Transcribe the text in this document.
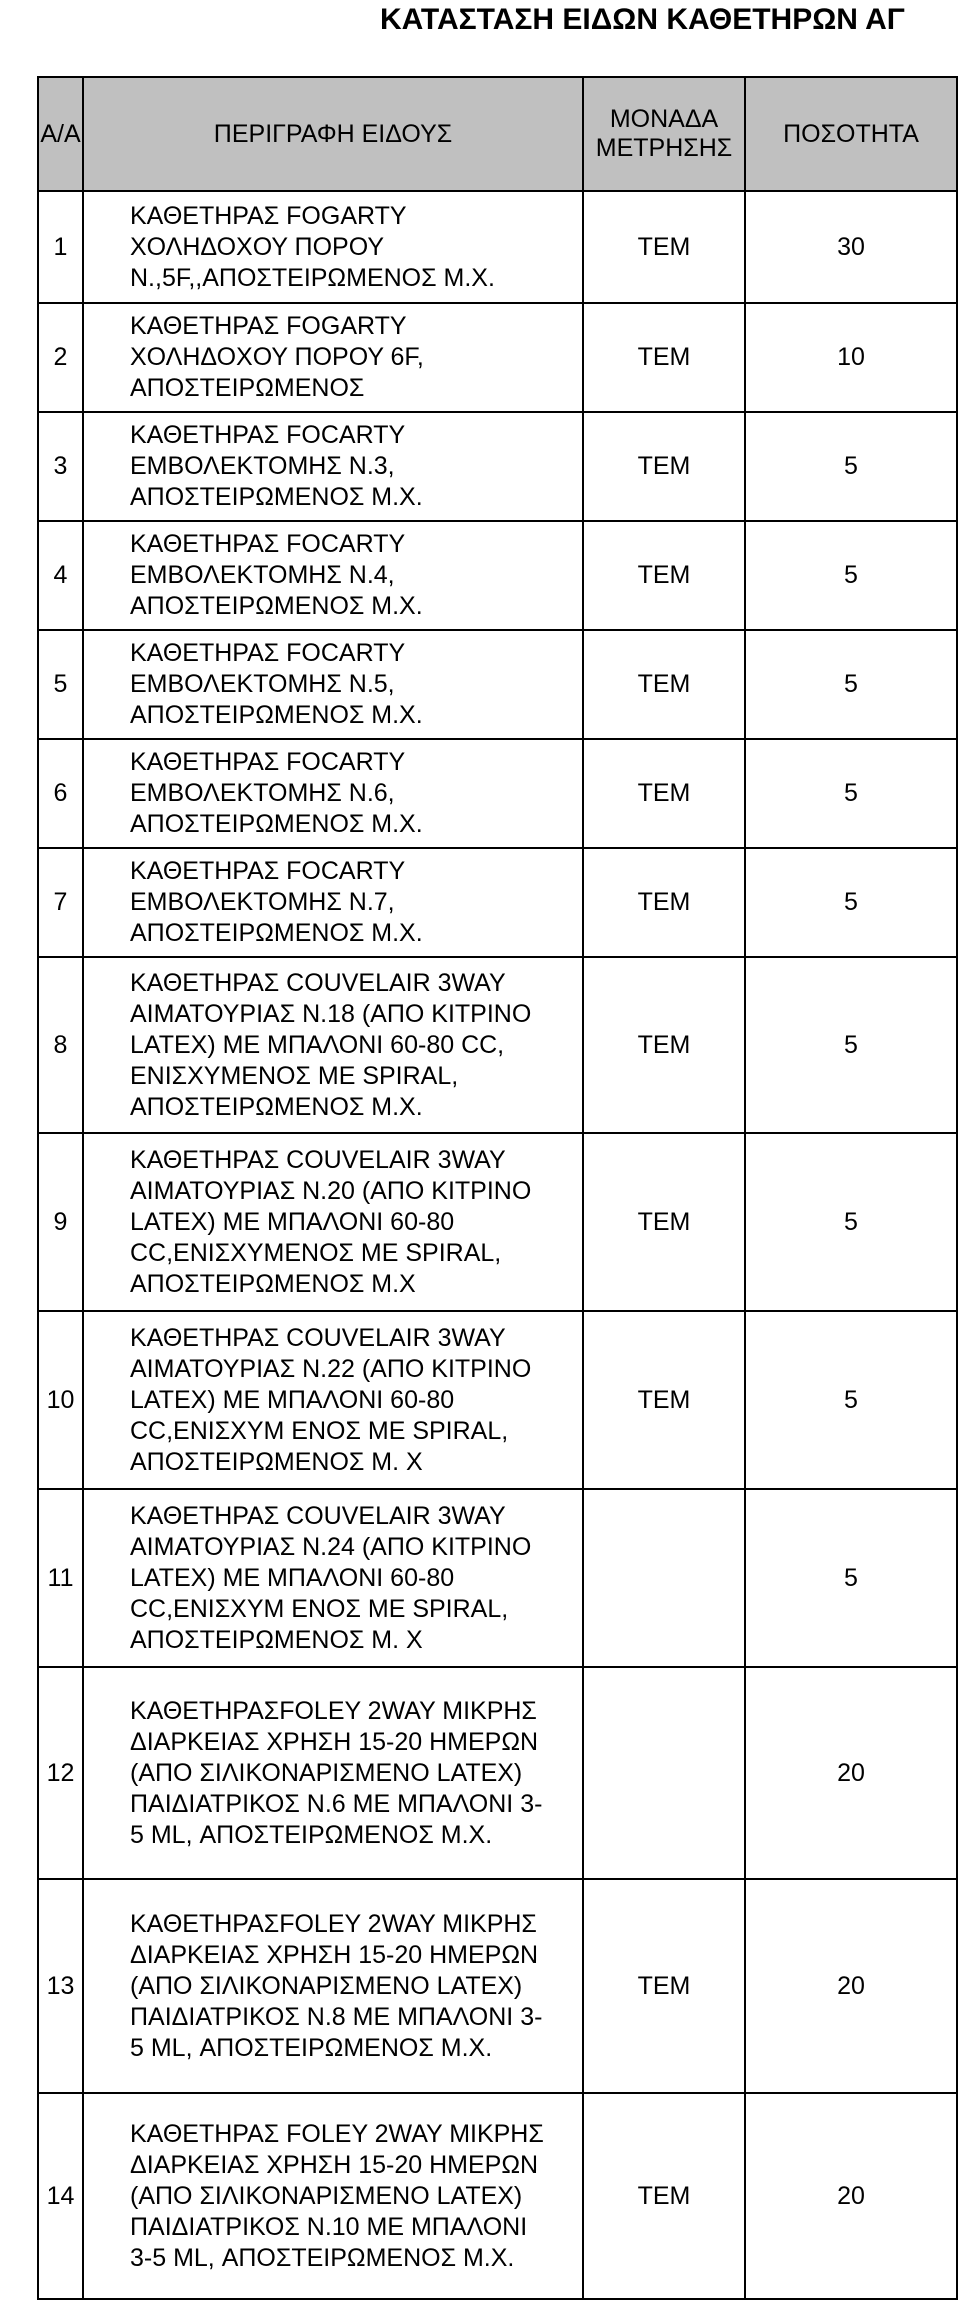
ΚΑΤΑΣΤΑΣΗ ΕΙΔΩΝ ΚΑΘΕΤΗΡΩΝ ΑΓ
Α/Α	ΠΕΡΙΓΡΑΦΗ ΕΙΔΟΥΣ	ΜΟΝΑΔΑ
ΜΕΤΡΗΣΗΣ	ΠΟΣΟΤΗΤΑ
1	ΚΑΘΕΤΗΡΑΣ FOGARTY
ΧΟΛΗΔΟΧΟΥ ΠΟΡΟΥ
Ν.,5F,,ΑΠΟΣΤΕΙΡΩΜΕΝΟΣ Μ.Χ.	ΤΕΜ	30
2	ΚΑΘΕΤΗΡΑΣ FOGARTY
ΧΟΛΗΔΟΧΟΥ ΠΟΡΟΥ 6F,
ΑΠΟΣΤΕΙΡΩΜΕΝΟΣ	ΤΕΜ	10
3	ΚΑΘΕΤΗΡΑΣ FOCARTY
ΕΜΒΟΛΕΚΤΟΜΗΣ Ν.3,
ΑΠΟΣΤΕΙΡΩΜΕΝΟΣ Μ.Χ.	ΤΕΜ	5
4	ΚΑΘΕΤΗΡΑΣ FOCARTY
ΕΜΒΟΛΕΚΤΟΜΗΣ Ν.4,
ΑΠΟΣΤΕΙΡΩΜΕΝΟΣ Μ.Χ.	ΤΕΜ	5
5	ΚΑΘΕΤΗΡΑΣ FOCARTY
ΕΜΒΟΛΕΚΤΟΜΗΣ Ν.5,
ΑΠΟΣΤΕΙΡΩΜΕΝΟΣ Μ.Χ.	ΤΕΜ	5
6	ΚΑΘΕΤΗΡΑΣ FOCARTY
ΕΜΒΟΛΕΚΤΟΜΗΣ Ν.6,
ΑΠΟΣΤΕΙΡΩΜΕΝΟΣ Μ.Χ.	ΤΕΜ	5
7	ΚΑΘΕΤΗΡΑΣ FOCARTY
ΕΜΒΟΛΕΚΤΟΜΗΣ Ν.7,
ΑΠΟΣΤΕΙΡΩΜΕΝΟΣ Μ.Χ.	ΤΕΜ	5
8	ΚΑΘΕΤΗΡΑΣ COUVELAIR 3WAY
ΑΙΜΑΤΟΥΡΙΑΣ Ν.18 (ΑΠΟ ΚΙΤΡΙΝΟ
LATEX) ΜΕ ΜΠΑΛΟΝΙ 60-80 CC,
ΕΝΙΣΧΥΜΕΝΟΣ ΜΕ SPIRAL,
ΑΠΟΣΤΕΙΡΩΜΕΝΟΣ Μ.Χ.	ΤΕΜ	5
9	ΚΑΘΕΤΗΡΑΣ COUVELAIR 3WAY
ΑΙΜΑΤΟΥΡΙΑΣ Ν.20 (ΑΠΟ ΚΙΤΡΙΝΟ
LATEX) ΜΕ ΜΠΑΛΟΝΙ 60-80
CC,ΕΝΙΣΧΥΜΕΝΟΣ ΜΕ SPIRAL,
ΑΠΟΣΤΕΙΡΩΜΕΝΟΣ Μ.Χ	ΤΕΜ	5
10	ΚΑΘΕΤΗΡΑΣ COUVELAIR 3WAY
ΑΙΜΑΤΟΥΡΙΑΣ Ν.22 (ΑΠΟ ΚΙΤΡΙΝΟ
LATEX) ΜΕ ΜΠΑΛΟΝΙ 60-80
CC,ΕΝΙΣΧΥΜ ΕΝΟΣ ΜΕ SPIRAL,
ΑΠΟΣΤΕΙΡΩΜΕΝΟΣ Μ. Χ	ΤΕΜ	5
11	ΚΑΘΕΤΗΡΑΣ COUVELAIR 3WAY
ΑΙΜΑΤΟΥΡΙΑΣ Ν.24 (ΑΠΟ ΚΙΤΡΙΝΟ
LATEX) ΜΕ ΜΠΑΛΟΝΙ 60-80
CC,ΕΝΙΣΧΥΜ ΕΝΟΣ ΜΕ SPIRAL,
ΑΠΟΣΤΕΙΡΩΜΕΝΟΣ Μ. Χ		5
12	ΚΑΘΕΤΗΡΑΣFOLEY 2WAY ΜΙΚΡΗΣ
ΔΙΑΡΚΕΙΑΣ ΧΡΗΣΗ 15-20 ΗΜΕΡΩΝ
(ΑΠΟ ΣΙΛΙΚΟΝΑΡΙΣΜΕΝΟ LATEX)
ΠΑΙΔΙΑΤΡΙΚΟΣ Ν.6 ΜΕ ΜΠΑΛΟΝΙ 3-
5 ML, ΑΠΟΣΤΕΙΡΩΜΕΝΟΣ Μ.Χ.		20
13	ΚΑΘΕΤΗΡΑΣFOLEY 2WAY ΜΙΚΡΗΣ
ΔΙΑΡΚΕΙΑΣ ΧΡΗΣΗ 15-20 ΗΜΕΡΩΝ
(ΑΠΟ ΣΙΛΙΚΟΝΑΡΙΣΜΕΝΟ LATEX)
ΠΑΙΔΙΑΤΡΙΚΟΣ Ν.8 ΜΕ ΜΠΑΛΟΝΙ 3-
5 ML, ΑΠΟΣΤΕΙΡΩΜΕΝΟΣ Μ.Χ.	ΤΕΜ	20
14	ΚΑΘΕΤΗΡΑΣ FOLEY 2WAY ΜΙΚΡΗΣ
ΔΙΑΡΚΕΙΑΣ ΧΡΗΣΗ 15-20 ΗΜΕΡΩΝ
(ΑΠΟ ΣΙΛΙΚΟΝΑΡΙΣΜΕΝΟ LATEX)
ΠΑΙΔΙΑΤΡΙΚΟΣ Ν.10 ΜΕ ΜΠΑΛΟΝΙ
3-5 ML, ΑΠΟΣΤΕΙΡΩΜΕΝΟΣ Μ.Χ.	ΤΕΜ	20
